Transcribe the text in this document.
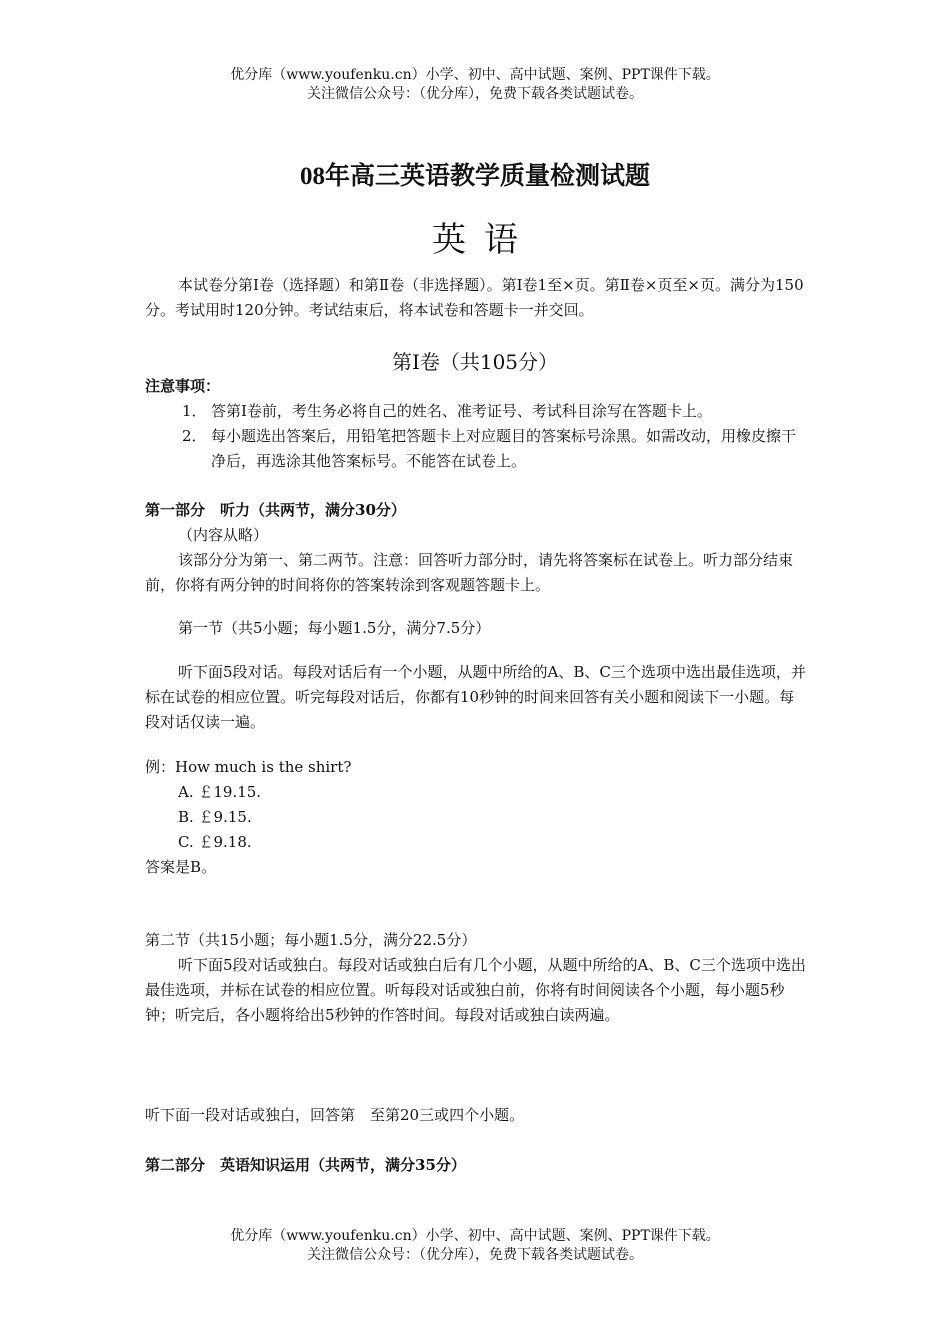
优分库（www.youfenku.cn）小学、初中、高中试题、案例、PPT课件下载。

关注微信公众号：（优分库），免费下载各类试题试卷。

08年高三英语教学质量检测试题
英语
本试卷分第Ⅰ卷（选择题）和第Ⅱ卷（非选择题）。第Ⅰ卷1至×页。第Ⅱ卷×页至×页。满分为150分。考试用时120分钟。考试结束后，将本试卷和答题卡一并交回。
第Ⅰ卷（共105分）

注意事项：

1． 答第Ⅰ卷前，考生务必将自己的姓名、准考证号、考试科目涂写在答题卡上。
2． 每小题选出答案后，用铅笔把答题卡上对应题目的答案标号涂黑。如需改动，用橡皮擦干净后，再选涂其他答案标号。不能答在试卷上。

第一部分　听力（共两节，满分30分）

（内容从略）

该部分分为第一、第二两节。注意：回答听力部分时，请先将答案标在试卷上。听力部分结束前，你将有两分钟的时间将你的答案转涂到客观题答题卡上。

第一节（共5小题；每小题1.5分，满分7.5分）
听下面5段对话。每段对话后有一个小题，从题中所给的A、B、C三个选项中选出最佳选项，并标在试卷的相应位置。听完每段对话后，你都有10秒钟的时间来回答有关小题和阅读下一小题。每段对话仅读一遍。

例：How much is the shirt?

A. ￡19.15.

B. ￡9.15.

C. ￡9.18.

答案是B。

第二节（共15小题；每小题1.5分，满分22.5分）

听下面5段对话或独白。每段对话或独白后有几个小题，从题中所给的A、B、C三个选项中选出最佳选项，并标在试卷的相应位置。听每段对话或独白前，你将有时间阅读各个小题，每小题5秒钟；听完后，各小题将给出5秒钟的作答时间。每段对话或独白读两遍。

听下面一段对话或独白，回答第　至第20三或四个小题。
第二部分　英语知识运用（共两节，满分35分）

优分库（www.youfenku.cn）小学、初中、高中试题、案例、PPT课件下载。

关注微信公众号：（优分库），免费下载各类试题试卷。
